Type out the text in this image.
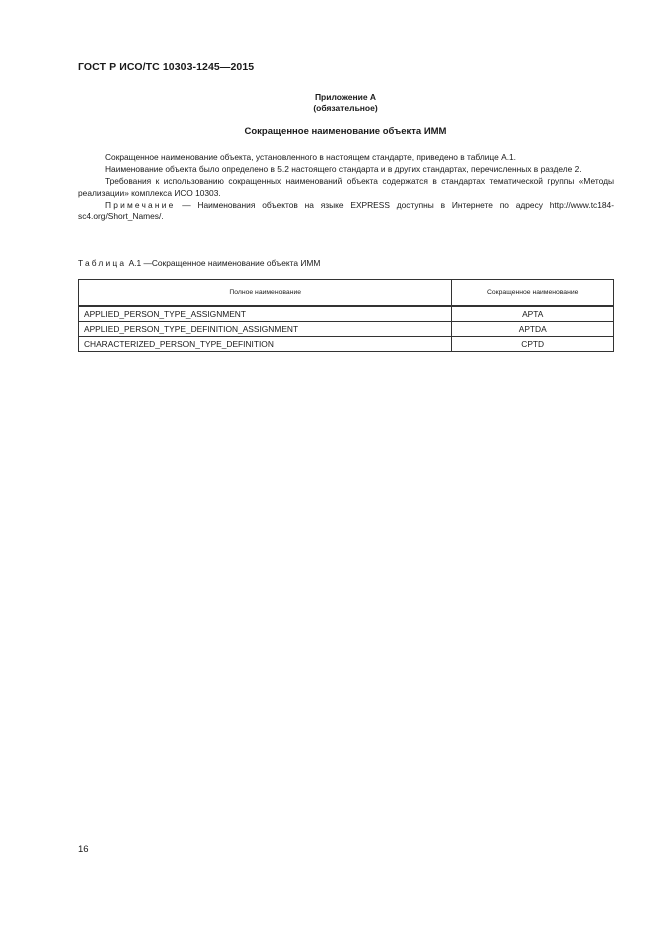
ГОСТ Р ИСО/ТС 10303-1245—2015
Приложение А
(обязательное)
Сокращенное наименование объекта ИММ

Сокращенное наименование объекта, установленного в настоящем стандарте, приведено в таблице А.1.

Наименование объекта было определено в 5.2 настоящего стандарта и в других стандартах, перечисленных в разделе 2.

Требования к использованию сокращенных наименований объекта содержатся в стандартах тематической группы «Методы реализации» комплекса ИСО 10303.

Примечание — Наименования объектов на языке EXPRESS доступны в Интернете по адресу http://www.tc184-sc4.org/Short_Names/.

Таблица А.1 —Сокращенное наименование объекта ИММ
Полное наименование	Сокращенное наименование
APPLIED_PERSON_TYPE_ASSIGNMENT	APTA
APPLIED_PERSON_TYPE_DEFINITION_ASSIGNMENT	APTDA
CHARACTERIZED_PERSON_TYPE_DEFINITION	CPTD
16
